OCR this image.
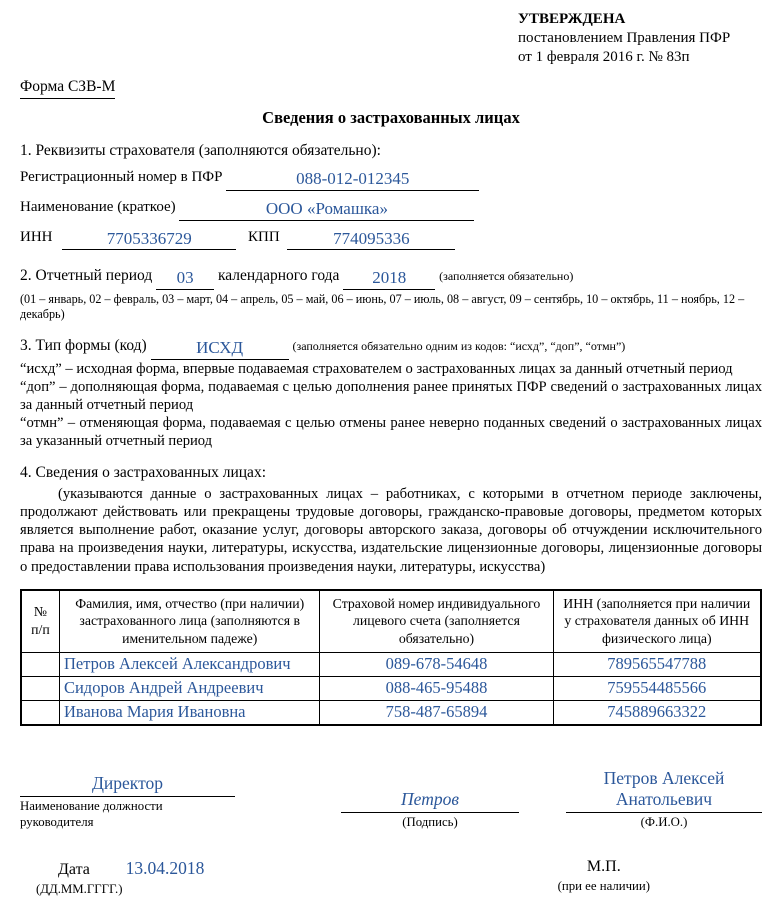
УТВЕРЖДЕНА
постановлением Правления ПФР
от 1 февраля 2016 г. № 83п
Форма СЗВ-М
Сведения о застрахованных лицах
1. Реквизиты страхователя (заполняются обязательно):
Регистрационный номер в ПФР	088-012-012345
Наименование (краткое)	ООО «Ромашка»
ИНН	7705336729	КПП	774095336
2. Отчетный период 03 календарного года 2018	(заполняется обязательно)
(01 – январь, 02 – февраль, 03 – март, 04 – апрель, 05 – май, 06 – июнь, 07 – июль, 08 – август, 09 – сентябрь, 10 – октябрь, 11 – ноябрь, 12 – декабрь)
3. Тип формы (код)	ИСХД	(заполняется обязательно одним из кодов: “исхд”, “доп”, “отмн”)
“исхд” – исходная форма, впервые подаваемая страхователем о застрахованных лицах за данный отчетный период
“доп” – дополняющая форма, подаваемая с целью дополнения ранее принятых ПФР сведений о застрахованных лицах за данный отчетный период
“отмн” – отменяющая форма, подаваемая с целью отмены ранее неверно поданных сведений о застрахованных лицах за указанный отчетный период
4. Сведения о застрахованных лицах:
(указываются данные о застрахованных лицах – работниках, с которыми в отчетном периоде заключены, продолжают действовать или прекращены трудовые договоры, гражданско-правовые договоры, предметом которых является выполнение работ, оказание услуг, договоры авторского заказа, договоры об отчуждении исключительного права на произведения науки, литературы, искусства, издательские лицензионные договоры, лицензионные договоры о предоставлении права использования произведения науки, литературы, искусства)
№ п/п	Фамилия, имя, отчество (при наличии) застрахованного лица (заполняются в именительном падеже)	Страховой номер индивидуального лицевого счета (заполняется обязательно)	ИНН (заполняется при наличии у страхователя данных об ИНН физического лица)
	Петров Алексей Александрович	089-678-54648	789565547788
	Сидоров Андрей Андреевич	088-465-95488	759554485566
	Иванова Мария Ивановна	758-487-65894	745889663322
Директор
Наименование должности руководителя
Петров
(Подпись)
Петров Алексей Анатольевич
(Ф.И.О.)
Дата 13.04.2018
(ДД.ММ.ГГГГ.)
М.П.
(при ее наличии)
